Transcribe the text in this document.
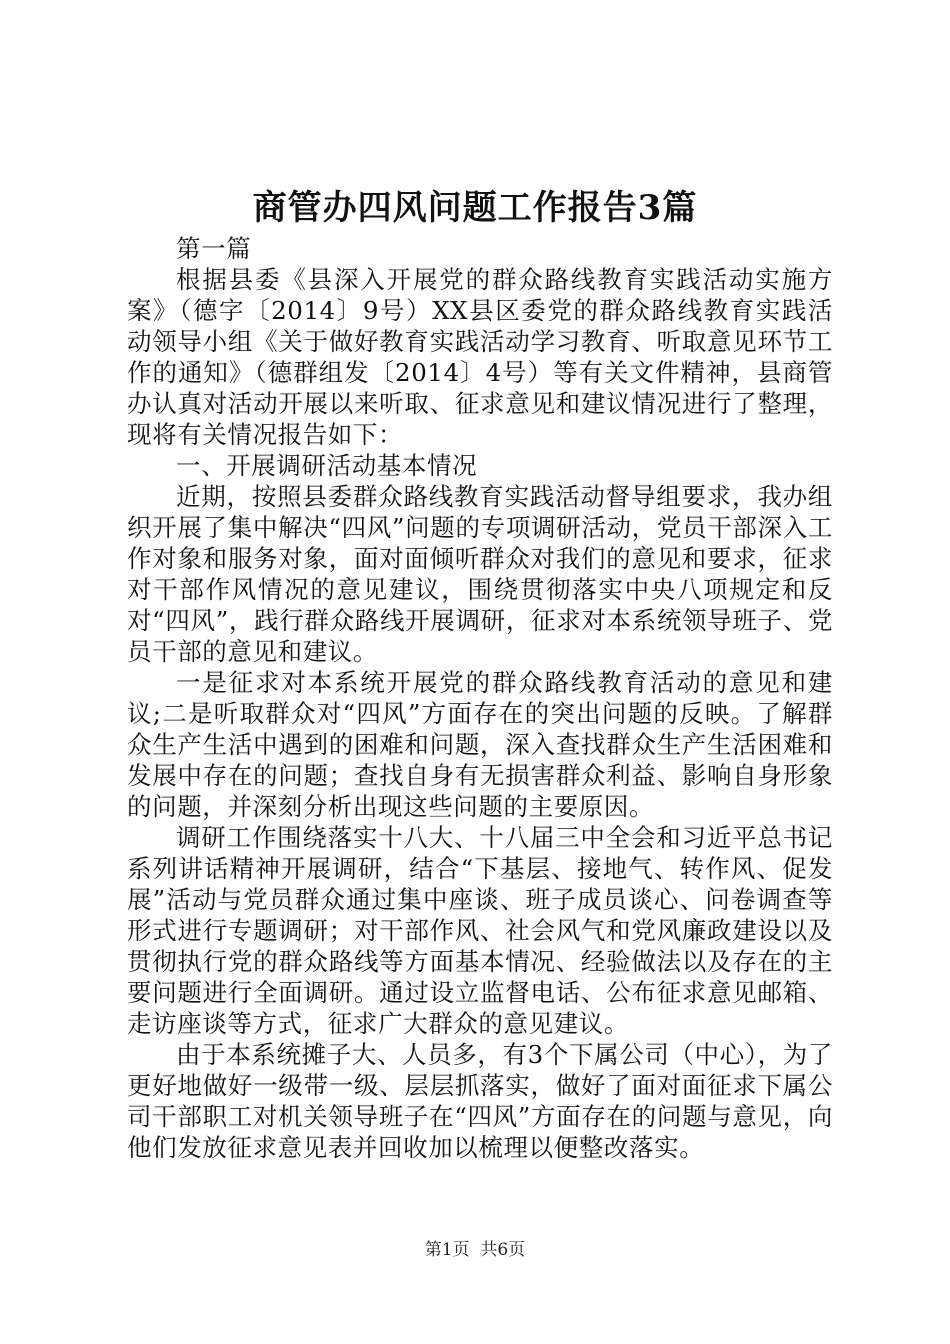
商管办四风问题工作报告3篇

第一篇

根据县委《县深入开展党的群众路线教育实践活动实施方案》（德字〔2014〕9号）XX县区委党的群众路线教育实践活动领导小组《关于做好教育实践活动学习教育、听取意见环节工作的通知》（德群组发〔2014〕4号）等有关文件精神，县商管办认真对活动开展以来听取、征求意见和建议情况进行了整理，现将有关情况报告如下：

一、开展调研活动基本情况

近期，按照县委群众路线教育实践活动督导组要求，我办组织开展了集中解决“四风”问题的专项调研活动，党员干部深入工作对象和服务对象，面对面倾听群众对我们的意见和要求，征求对干部作风情况的意见建议，围绕贯彻落实中央八项规定和反对“四风”，践行群众路线开展调研，征求对本系统领导班子、党员干部的意见和建议。

一是征求对本系统开展党的群众路线教育活动的意见和建议;二是听取群众对“四风”方面存在的突出问题的反映。了解群众生产生活中遇到的困难和问题，深入查找群众生产生活困难和发展中存在的问题；查找自身有无损害群众利益、影响自身形象的问题，并深刻分析出现这些问题的主要原因。

调研工作围绕落实十八大、十八届三中全会和习近平总书记系列讲话精神开展调研，结合“下基层、接地气、转作风、促发展”活动与党员群众通过集中座谈、班子成员谈心、问卷调查等形式进行专题调研；对干部作风、社会风气和党风廉政建设以及贯彻执行党的群众路线等方面基本情况、经验做法以及存在的主要问题进行全面调研。通过设立监督电话、公布征求意见邮箱、走访座谈等方式，征求广大群众的意见建议。

由于本系统摊子大、人员多，有3个下属公司（中心），为了更好地做好一级带一级、层层抓落实，做好了面对面征求下属公司干部职工对机关领导班子在“四风”方面存在的问题与意见，向他们发放征求意见表并回收加以梳理以便整改落实。

第1页  共6页
